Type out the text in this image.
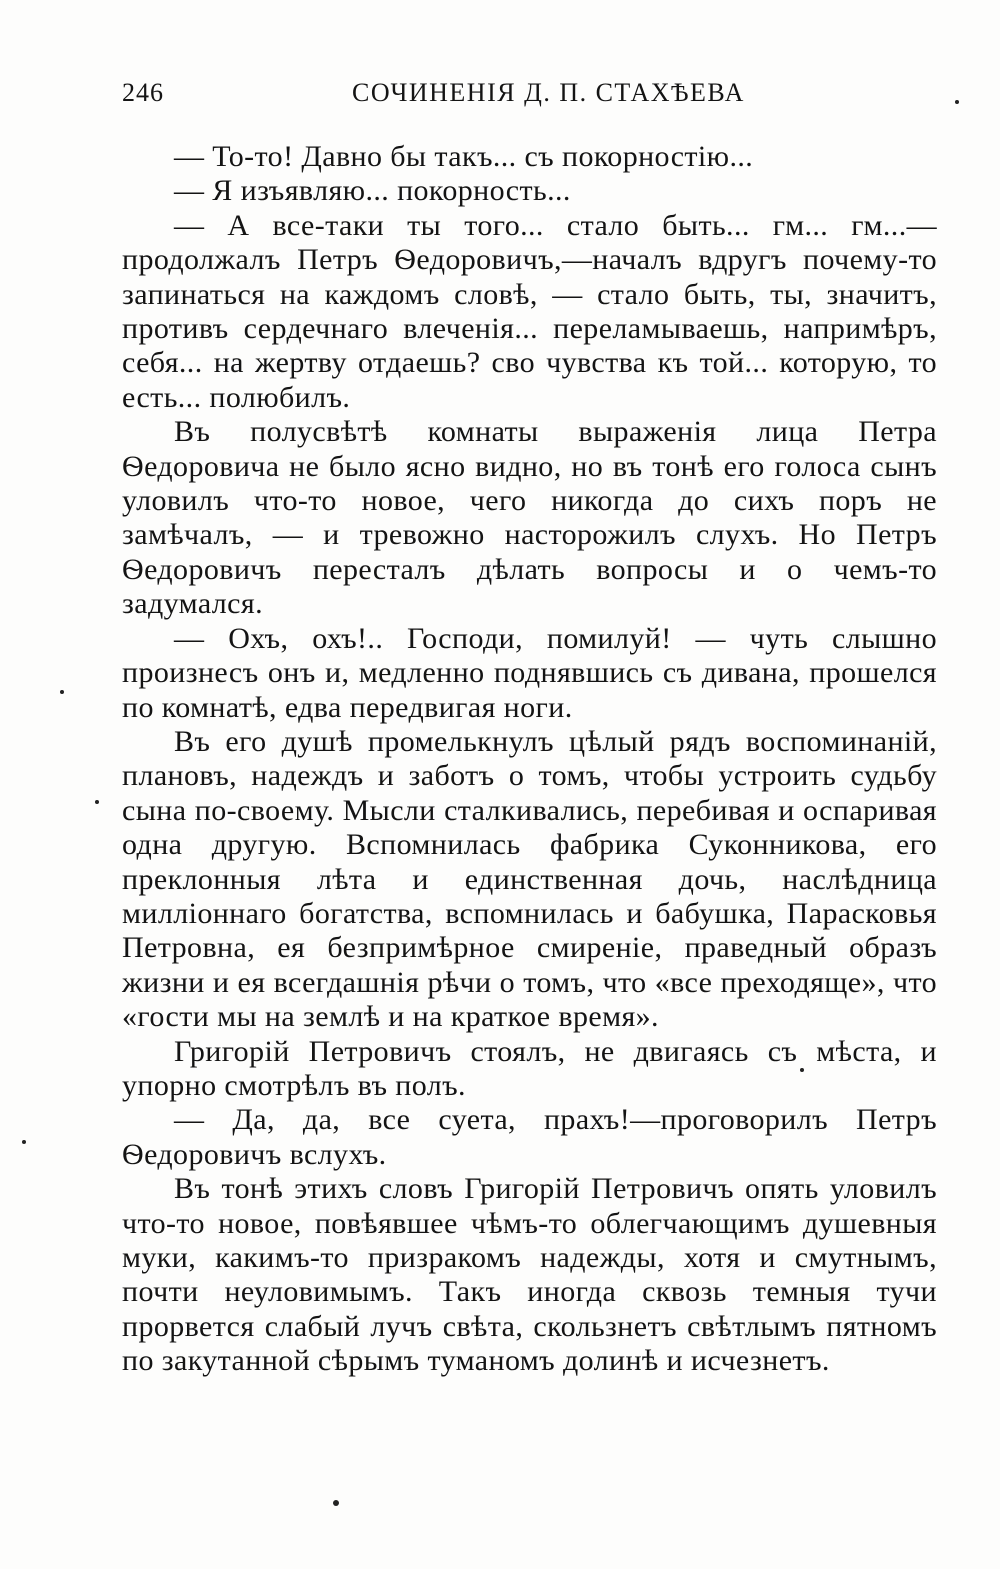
246	СОЧИНЕНІЯ Д. П. СТАХѢЕВА

— То-то! Давно бы такъ... съ покорностію...

— Я изъявляю... покорность...

— А все-таки ты того... стало быть... гм... гм...— продолжалъ Петръ Ѳедоровичъ,—началъ вдругъ почему-то запинаться на каждомъ словѣ, — стало быть, ты, значитъ, противъ сердечнаго влеченія... переламываешь, напримѣръ, себя... на жертву отдаешь? сво чувства къ той... которую, то есть... полюбилъ.

Въ полусвѣтѣ комнаты выраженія лица Петра Ѳедоровича не было ясно видно, но въ тонѣ его голоса сынъ уловилъ что-то новое, чего никогда до сихъ поръ не замѣчалъ, — и тревожно насторожилъ слухъ. Но Петръ Ѳедоровичъ пересталъ дѣлать вопросы и о чемъ-то задумался.

— Охъ, охъ!.. Господи, помилуй! — чуть слышно произнесъ онъ и, медленно поднявшись съ дивана, прошелся по комнатѣ, едва передвигая ноги.

Въ его душѣ промелькнулъ цѣлый рядъ воспоминаній, плановъ, надеждъ и заботъ о томъ, чтобы устроить судьбу сына по-своему. Мысли сталкивались, перебивая и оспаривая одна другую. Вспомнилась фабрика Суконникова, его преклонныя лѣта и единственная дочь, наслѣдница милліоннаго богатства, вспомнилась и бабушка, Парасковья Петровна, ея безпримѣрное смиреніе, праведный образъ жизни и ея всегдашнія рѣчи о томъ, что «все преходяще», что «гости мы на землѣ и на краткое время».

Григорій Петровичъ стоялъ, не двигаясь съ мѣста, и упорно смотрѣлъ въ полъ.

— Да, да, все суета, прахъ!—проговорилъ Петръ Ѳедоровичъ вслухъ.

Въ тонѣ этихъ словъ Григорій Петровичъ опять уловилъ что-то новое, повѣявшее чѣмъ-то облегчающимъ душевныя муки, какимъ-то призракомъ надежды, хотя и смутнымъ, почти неуловимымъ. Такъ иногда сквозь темныя тучи прорвется слабый лучъ свѣта, скользнетъ свѣтлымъ пятномъ по закутанной сѣрымъ туманомъ долинѣ и исчезнетъ.
